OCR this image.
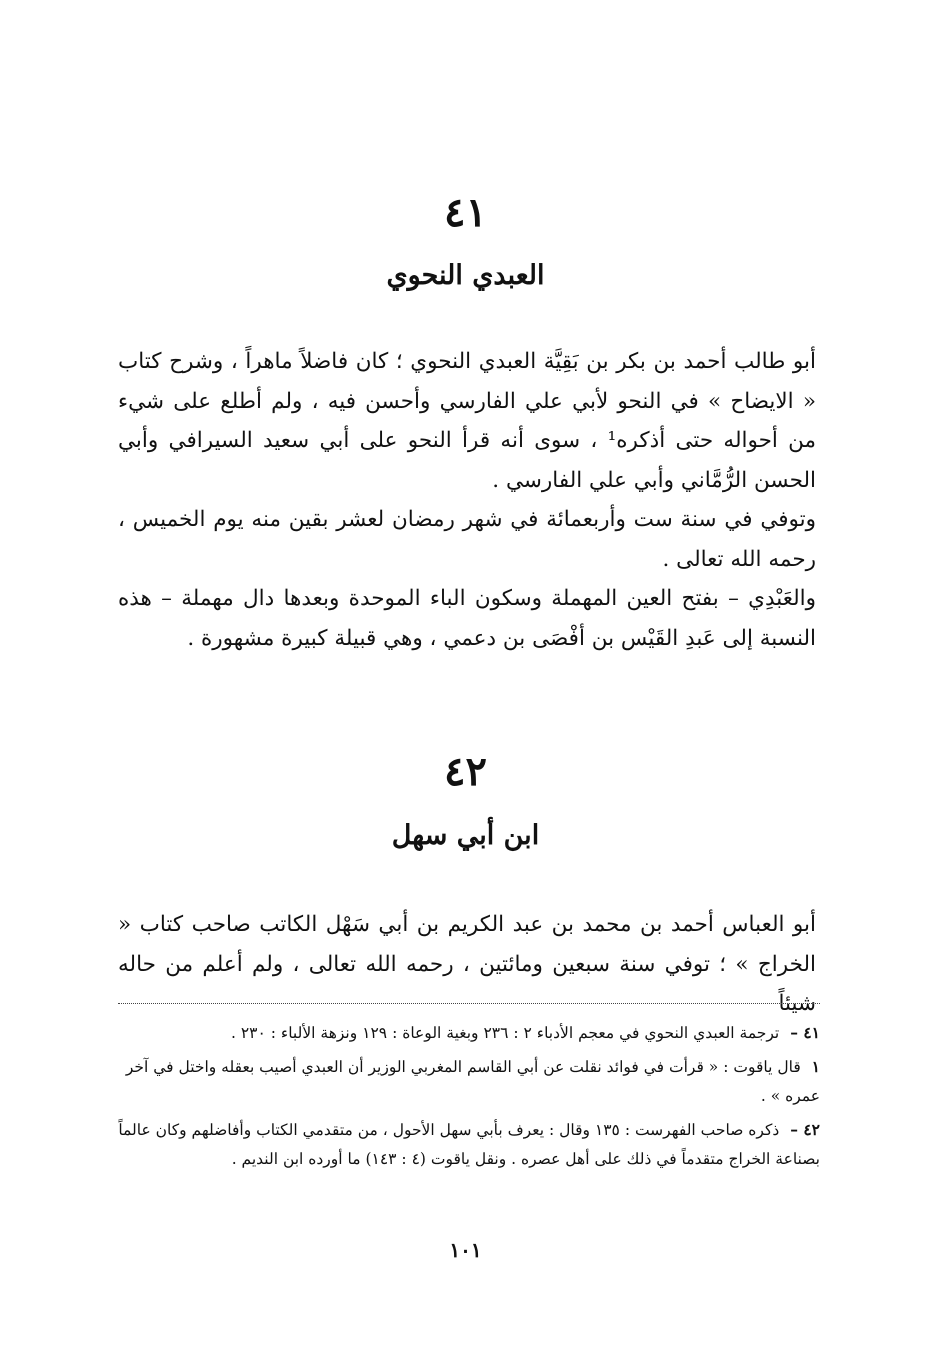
٤١
العبدي النحوي

أبو طالب أحمد بن بكر بن بَقِيَّة العبدي النحوي ؛ كان فاضلاً ماهراً ، وشرح كتاب « الايضاح » في النحو لأبي علي الفارسي وأحسن فيه ، ولم أطلع على شيء من أحواله حتى أذكره¹ ، سوى أنه قرأ النحو على أبي سعيد السيرافي وأبي الحسن الرُّمَّاني وأبي علي الفارسي .

وتوفي في سنة ست وأربعمائة في شهر رمضان لعشر بقين منه يوم الخميس ، رحمه الله تعالى .

والعَبْدِي – بفتح العين المهملة وسكون الباء الموحدة وبعدها دال مهملة – هذه النسبة إلى عَبدِ القَيْس بن أفْصَى بن دعمي ، وهي قبيلة كبيرة مشهورة .

٤٢
ابن أبي سهل

أبو العباس أحمد بن محمد بن عبد الكريم بن أبي سَهْل الكاتب صاحب كتاب « الخراج » ؛ توفي سنة سبعين ومائتين ، رحمه الله تعالى ، ولم أعلم من حاله شيئاً

٤١ – ترجمة العبدي النحوي في معجم الأدباء ٢ : ٢٣٦ وبغية الوعاة : ١٢٩ ونزهة الألباء : ٢٣٠ .

١ قال ياقوت : « قرأت في فوائد نقلت عن أبي القاسم المغربي الوزير أن العبدي أصيب بعقله واختل في آخر عمره » .

٤٢ – ذكره صاحب الفهرست : ١٣٥ وقال : يعرف بأبي سهل الأحول ، من متقدمي الكتاب وأفاضلهم وكان عالماً بصناعة الخراج متقدماً في ذلك على أهل عصره . ونقل ياقوت (٤ : ١٤٣) ما أورده ابن النديم .

١٠١
